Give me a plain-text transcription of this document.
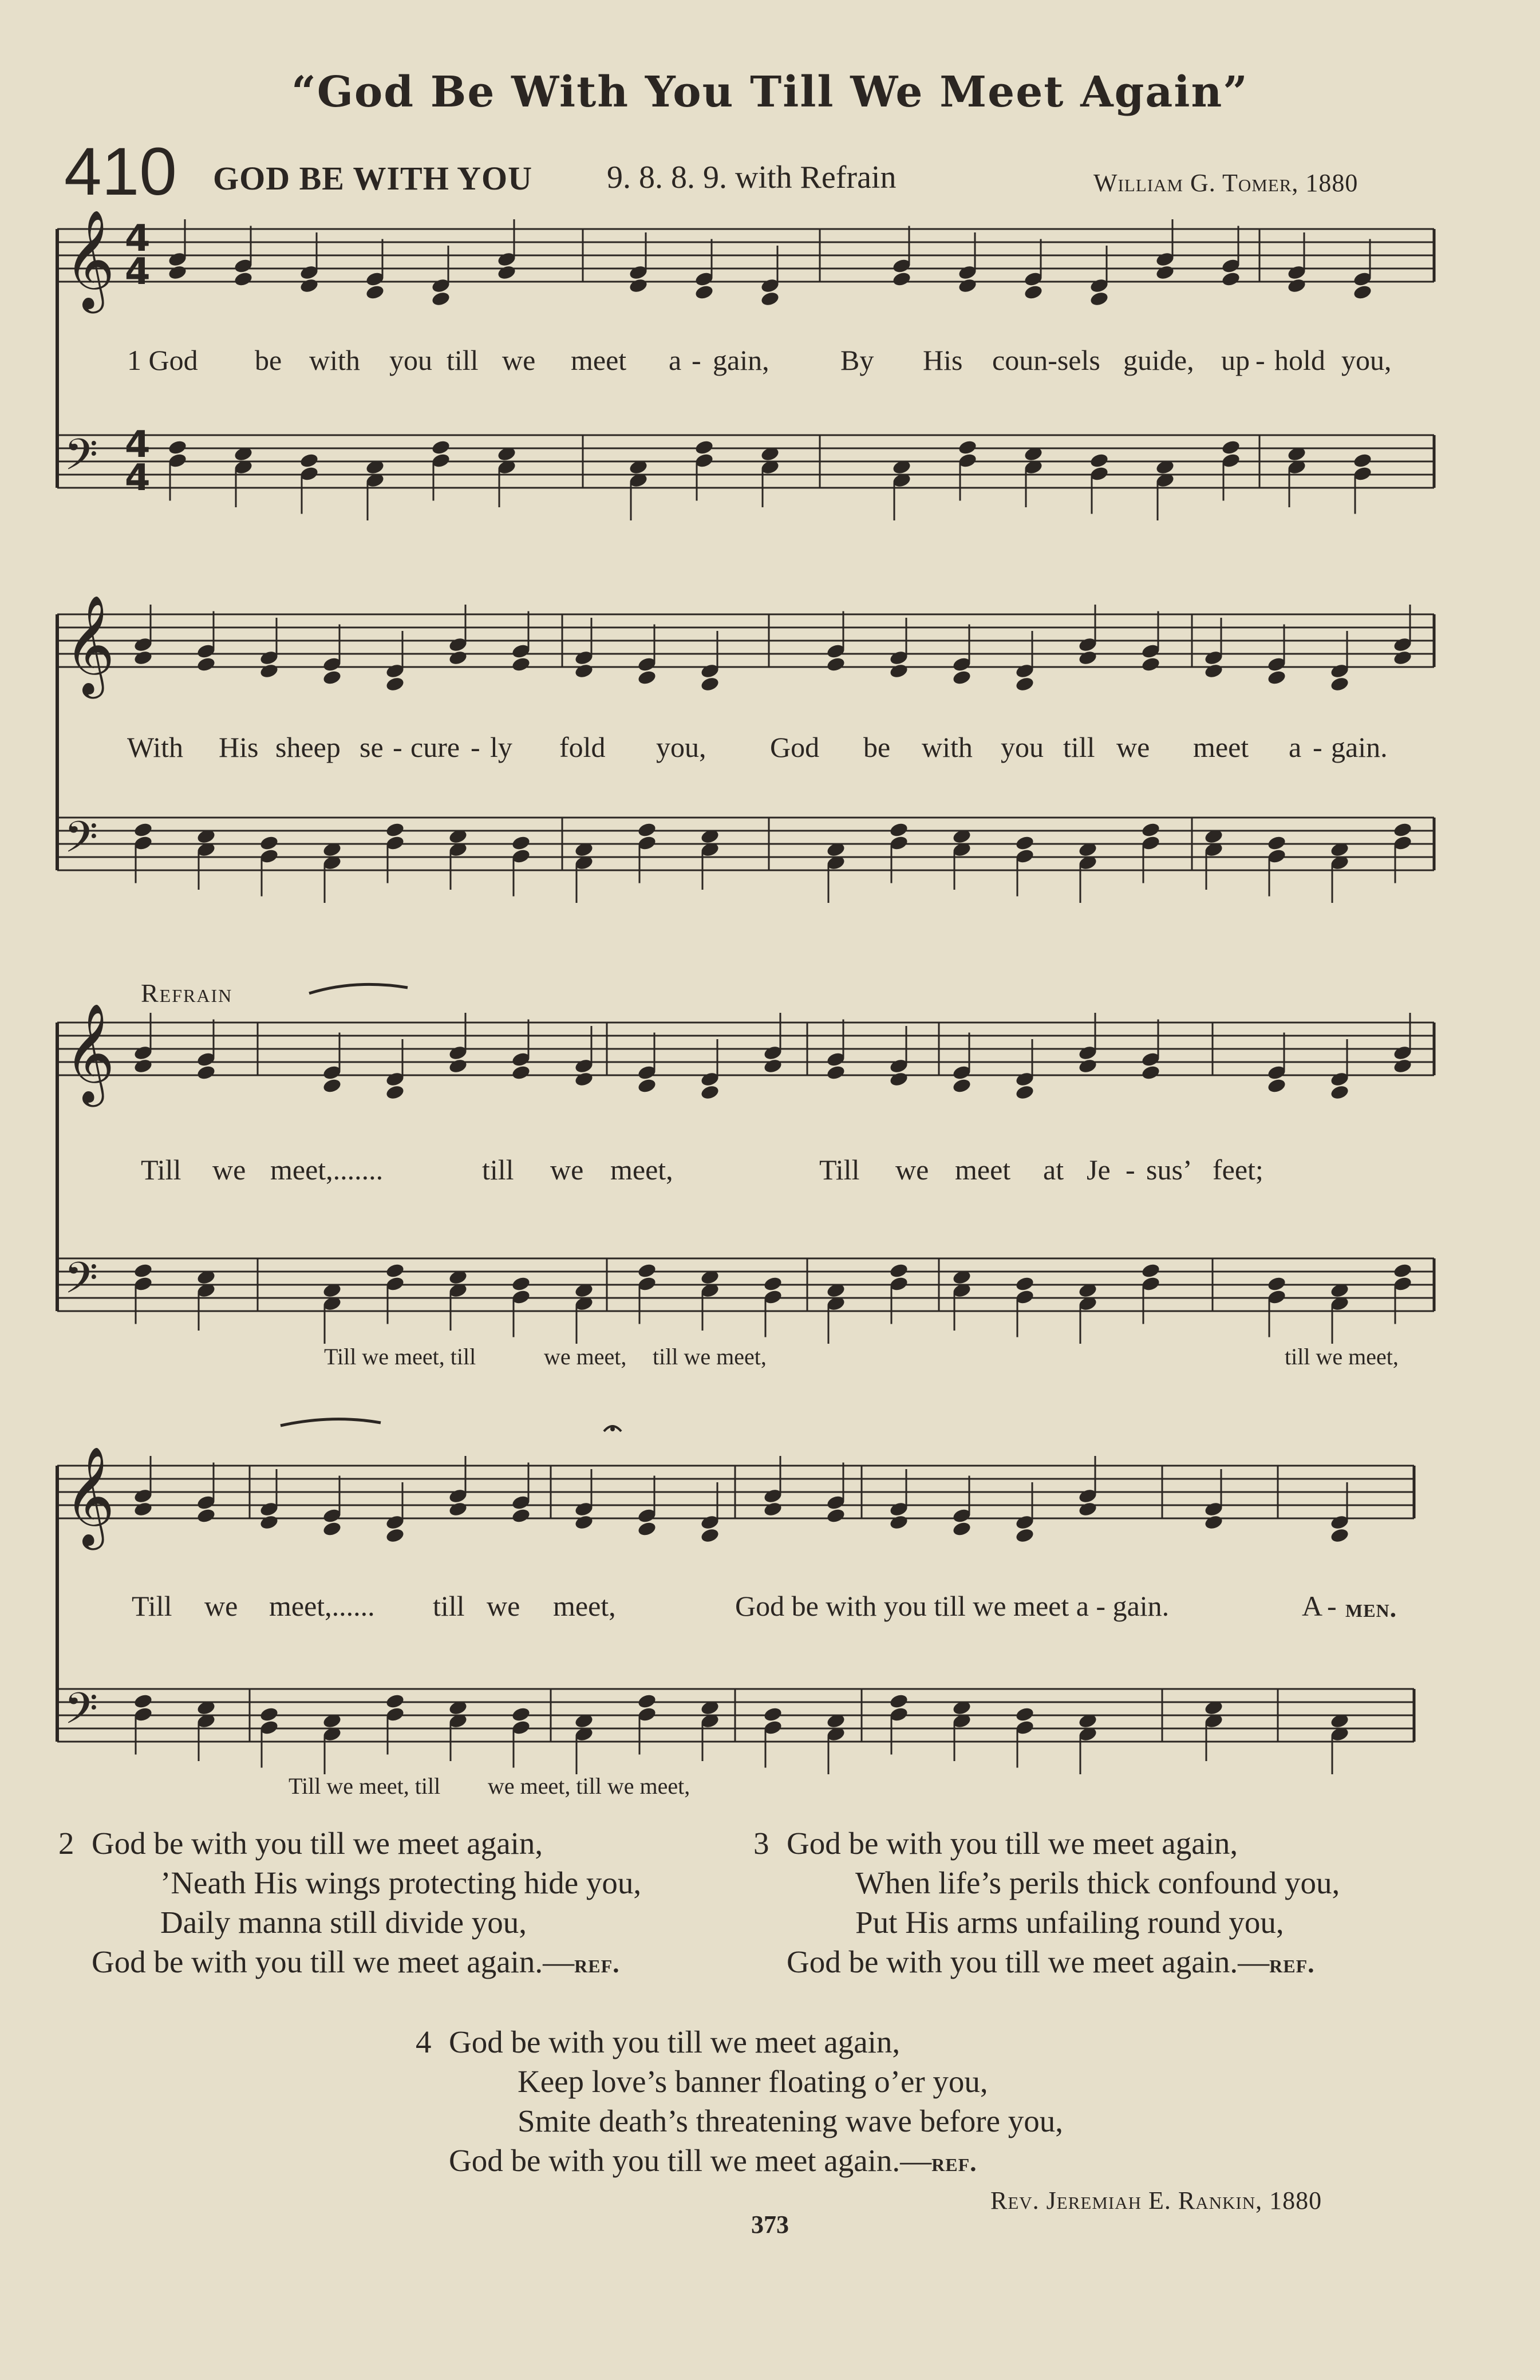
“God Be With You Till We Meet Again”
410 GOD BE WITH YOU 9. 8. 8. 9. with Refrain	William G. Tomer, 1880
𝄞
𝄢
𝄞
𝄢
𝄞
𝄢
𝄞
𝄢
4
4
4
4
1 God be with you till we meet a - gain, By His coun-sels guide, up - hold you,
With His sheep se - cure - ly fold you, God be with you till we meet a - gain.
Refrain
Till we meet,.......	till we meet,	Till we meet at Je - sus’ feet;
Till we meet, till	we meet, till we meet,	till we meet,
Till we meet,...... till we meet,	God be with you till we meet a - gain.	A - men.
Till we meet, till we meet, till we meet,
2 God be with you till we meet again,
’Neath His wings protecting hide you,
Daily manna still divide you,
God be with you till we meet again.—ref.
3 God be with you till we meet again,
When life’s perils thick confound you,
Put His arms unfailing round you,
God be with you till we meet again.—ref.
4 God be with you till we meet again,
Keep love’s banner floating o’er you,
Smite death’s threatening wave before you,
God be with you till we meet again.—ref.
Rev. Jeremiah E. Rankin, 1880
373
